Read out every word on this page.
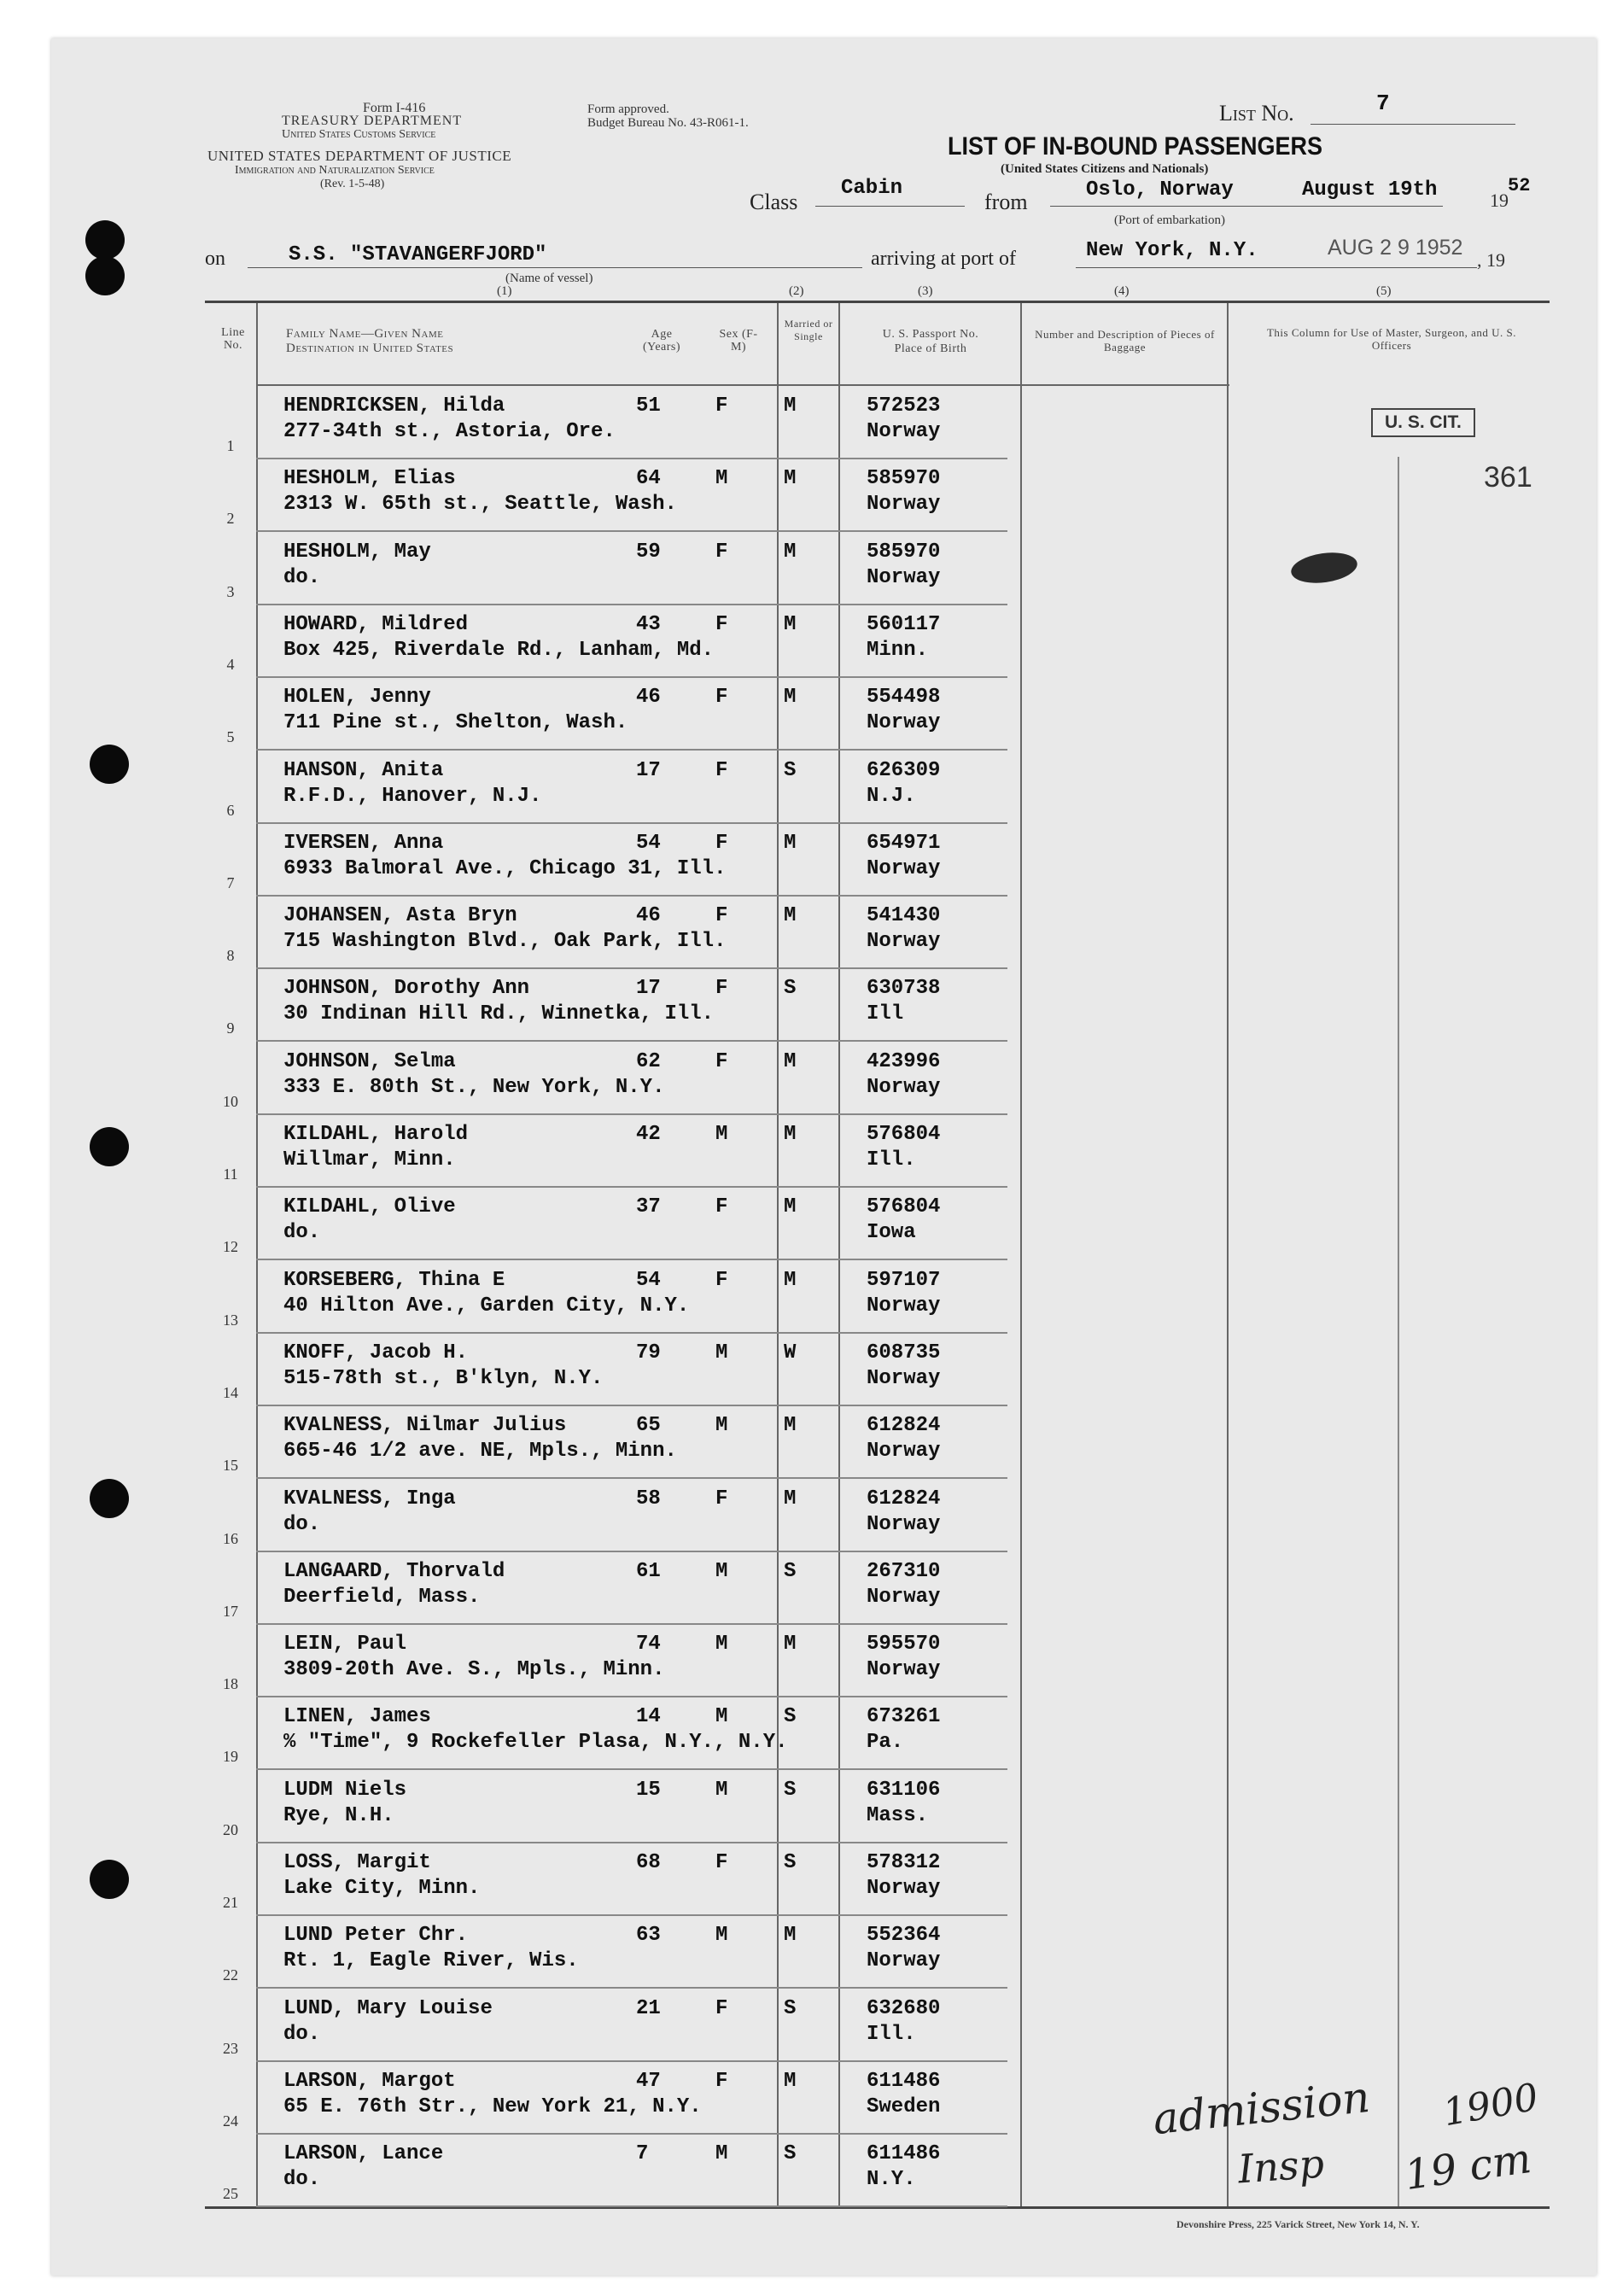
Form I-416
TREASURY DEPARTMENT
United States Customs Service
Form approved.
Budget Bureau No. 43-R061-1.
UNITED STATES DEPARTMENT OF JUSTICE
Immigration and Naturalization Service
(Rev. 1-5-48)
List No.	7
LIST OF IN-BOUND PASSENGERS
(United States Citizens and Nationals)
Class
Cabin
from	Oslo, Norway	August 19th	19
52
(Port of embarkation)
on	S.S. "STAVANGERFJORD"
(Name of vessel)
arriving at port of	New York, N.Y.	AUG 2 9 1952
, 19
(1)	(2)	(3)	(4)	(5)
Line No.
Family Name—Given Name
Destination in United States
Age (Years)
Sex (F-M)
Married or Single	U. S. Passport No.
Place of Birth
Number and Description of Pieces of Baggage
This Column for Use of Master, Surgeon, and U. S. Officers
1
HENDRICKSEN, Hilda	51	F	M	572523
277-34th st., Astoria, Ore.	Norway
2
HESHOLM, Elias	64	M	M	585970
2313 W. 65th st., Seattle, Wash.	Norway
3
HESHOLM, May	59	F	M	585970
do.	Norway
4
HOWARD, Mildred	43	F	M	560117
Box 425, Riverdale Rd., Lanham, Md.	Minn.
5
HOLEN, Jenny	46	F	M	554498
711 Pine st., Shelton, Wash.	Norway
6
HANSON, Anita	17	F	S	626309
R.F.D., Hanover, N.J.	N.J.
7
IVERSEN, Anna	54	F	M	654971
6933 Balmoral Ave., Chicago 31, Ill.	Norway
8
JOHANSEN, Asta Bryn	46	F	M	541430
715 Washington Blvd., Oak Park, Ill.	Norway
9
JOHNSON, Dorothy Ann	17	F	S	630738
30 Indinan Hill Rd., Winnetka, Ill.	Ill
10
JOHNSON, Selma	62	F	M	423996
333 E. 80th St., New York, N.Y.	Norway
11
KILDAHL, Harold	42	M	M	576804
Willmar, Minn.	Ill.
12
KILDAHL, Olive	37	F	M	576804
do.	Iowa
13
KORSEBERG, Thina E	54	F	M	597107
40 Hilton Ave., Garden City, N.Y.	Norway
14
KNOFF, Jacob H.	79	M	W	608735
515-78th st., B'klyn, N.Y.	Norway
15
KVALNESS, Nilmar Julius	65	M	M	612824
665-46 1/2 ave. NE, Mpls., Minn.	Norway
16
KVALNESS, Inga	58	F	M	612824
do.	Norway
17
LANGAARD, Thorvald	61	M	S	267310
Deerfield, Mass.	Norway
18
LEIN, Paul	74	M	M	595570
3809-20th Ave. S., Mpls., Minn.	Norway
19
LINEN, James	14	M	S	673261
% "Time", 9 Rockefeller Plasa, N.Y., N.Y.	Pa.
20
LUDM Niels	15	M	S	631106
Rye, N.H.	Mass.
21
LOSS, Margit	68	F	S	578312
Lake City, Minn.	Norway
22
LUND Peter Chr.	63	M	M	552364
Rt. 1, Eagle River, Wis.	Norway
23
LUND, Mary Louise	21	F	S	632680
do.	Ill.
24
LARSON, Margot	47	F	M	611486
65 E. 76th Str., New York 21, N.Y.	Sweden
25
LARSON, Lance	7	M	S	611486
do.	N.Y.
U. S. CIT.
361
admission
Insp
1900
19 cm
Devonshire Press, 225 Varick Street, New York 14, N. Y.
